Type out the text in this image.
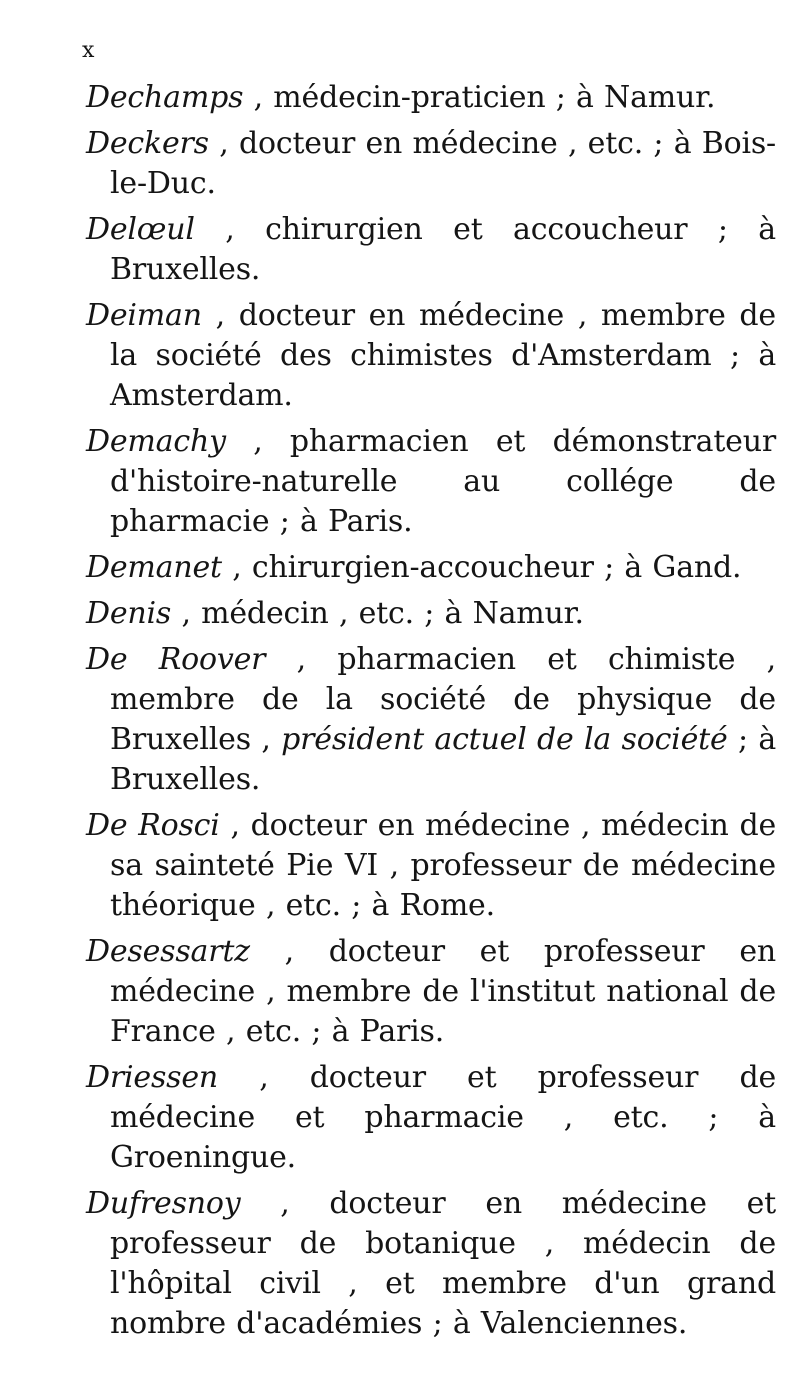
x

Dechamps , médecin-praticien ; à Namur.

Deckers , docteur en médecine , etc. ; à Bois-le-Duc.

Delœul , chirurgien et accoucheur ; à Bruxelles.

Deiman , docteur en médecine , membre de la société des chimistes d'Amsterdam ; à Amsterdam.

Demachy , pharmacien et démonstrateur d'histoire-naturelle au collége de pharmacie ; à Paris.

Demanet , chirurgien-accoucheur ; à Gand.

Denis , médecin , etc. ; à Namur.

De Roover , pharmacien et chimiste , membre de la société de physique de Bruxelles , président actuel de la société ; à Bruxelles.

De Rosci , docteur en médecine , médecin de sa sainteté Pie VI , professeur de médecine théorique , etc. ; à Rome.

Desessartz , docteur et professeur en médecine , membre de l'institut national de France , etc. ; à Paris.

Driessen , docteur et professeur de médecine et pharmacie , etc. ; à Groeningue.

Dufresnoy , docteur en médecine et professeur de botanique , médecin de l'hôpital civil , et membre d'un grand nombre d'académies ; à Valenciennes.
